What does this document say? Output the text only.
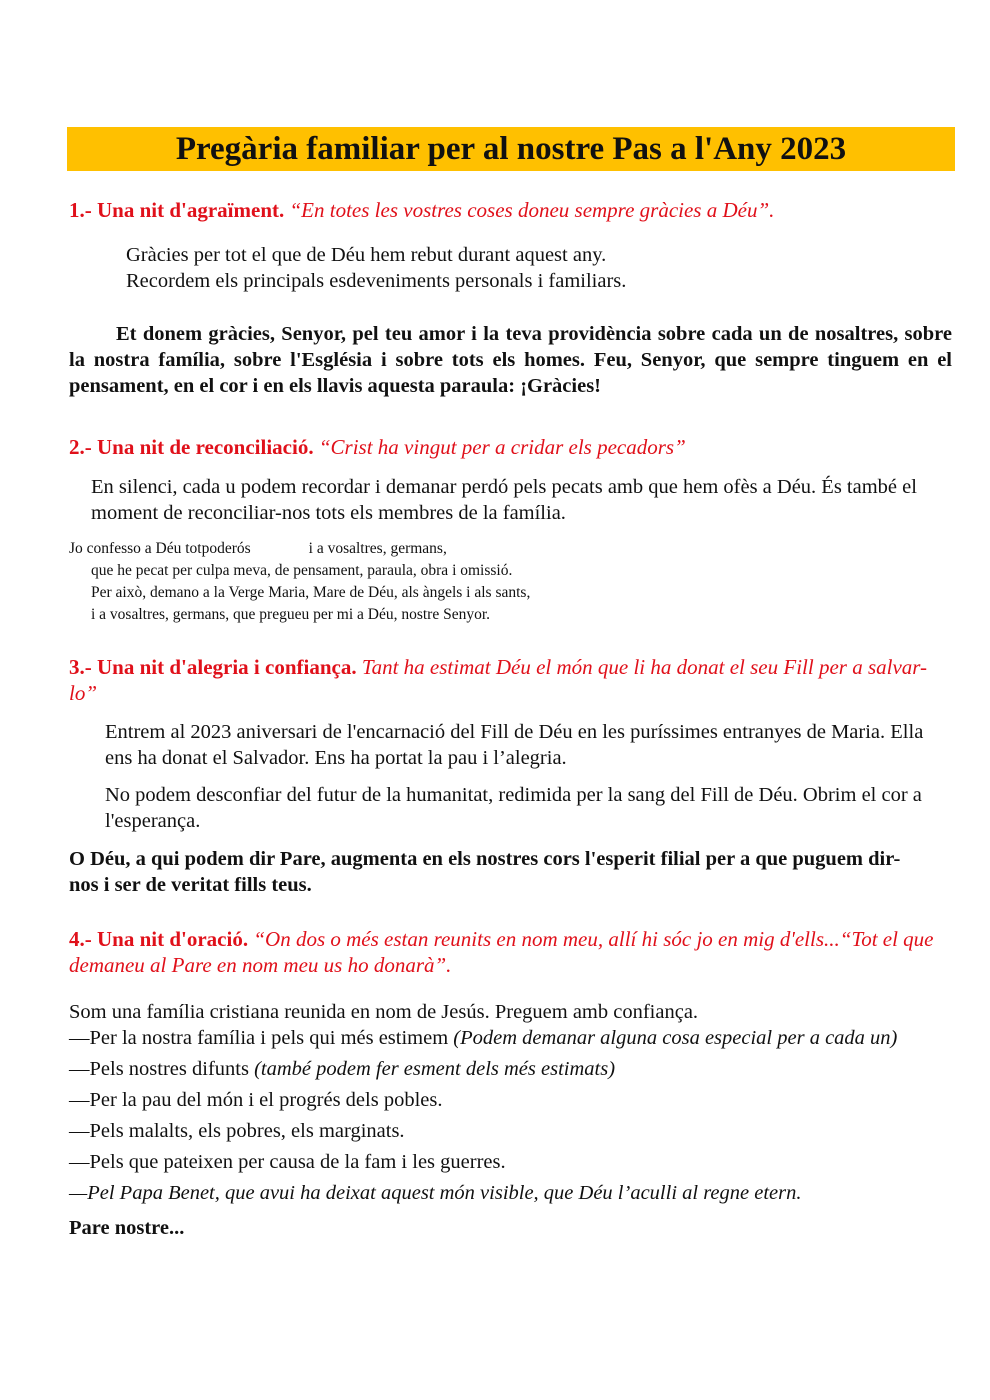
Pregària familiar per al nostre Pas a l'Any 2023

1.- Una nit d'agraïment. “En totes les vostres coses doneu sempre gràcies a Déu”.

Gràcies per tot el que de Déu hem rebut durant aquest any.
Recordem els principals esdeveniments personals i familiars.

Et donem gràcies, Senyor, pel teu amor i la teva providència sobre cada un de nosaltres, sobre la nostra família, sobre l'Església i sobre tots els homes. Feu, Senyor, que sempre tinguem en el pensament, en el cor i en els llavis aquesta paraula: ¡Gràcies!

2.- Una nit de reconciliació. “Crist ha vingut per a cridar els pecadors”

En silenci, cada u podem recordar i demanar perdó pels pecats amb que hem ofès a Déu. És també el moment de reconciliar-nos tots els membres de la família.

Jo confesso a Déu totpoderós	i a vosaltres, germans,
que he pecat per culpa meva, de pensament, paraula, obra i omissió.
Per això, demano a la Verge Maria, Mare de Déu, als àngels i als sants,
i a vosaltres, germans, que pregueu per mi a Déu, nostre Senyor.

3.- Una nit d'alegria i confiança. Tant ha estimat Déu el món que li ha donat el seu Fill per a salvar-lo”

Entrem al 2023 aniversari de l'encarnació del Fill de Déu en les puríssimes entranyes de Maria. Ella ens ha donat el Salvador. Ens ha portat la pau i l’alegria.

No podem desconfiar del futur de la humanitat, redimida per la sang del Fill de Déu. Obrim el cor a l'esperança.

O Déu, a qui podem dir Pare, augmenta en els nostres cors l'esperit filial per a que puguem dir-nos i ser de veritat fills teus.

4.- Una nit d'oració. “On dos o més estan reunits en nom meu, allí hi sóc jo en mig d'ells...“Tot el que demaneu al Pare en nom meu us ho donarà”.

Som una família cristiana reunida en nom de Jesús. Preguem amb confiança.
—Per la nostra família i pels qui més estimem (Podem demanar alguna cosa especial per a cada un)
—Pels nostres difunts (també podem fer esment dels més estimats)
—Per la pau del món i el progrés dels pobles.
—Pels malalts, els pobres, els marginats.
—Pels que pateixen per causa de la fam i les guerres.
—Pel Papa Benet, que avui ha deixat aquest món visible, que Déu l’aculli al regne etern.
Pare nostre...
